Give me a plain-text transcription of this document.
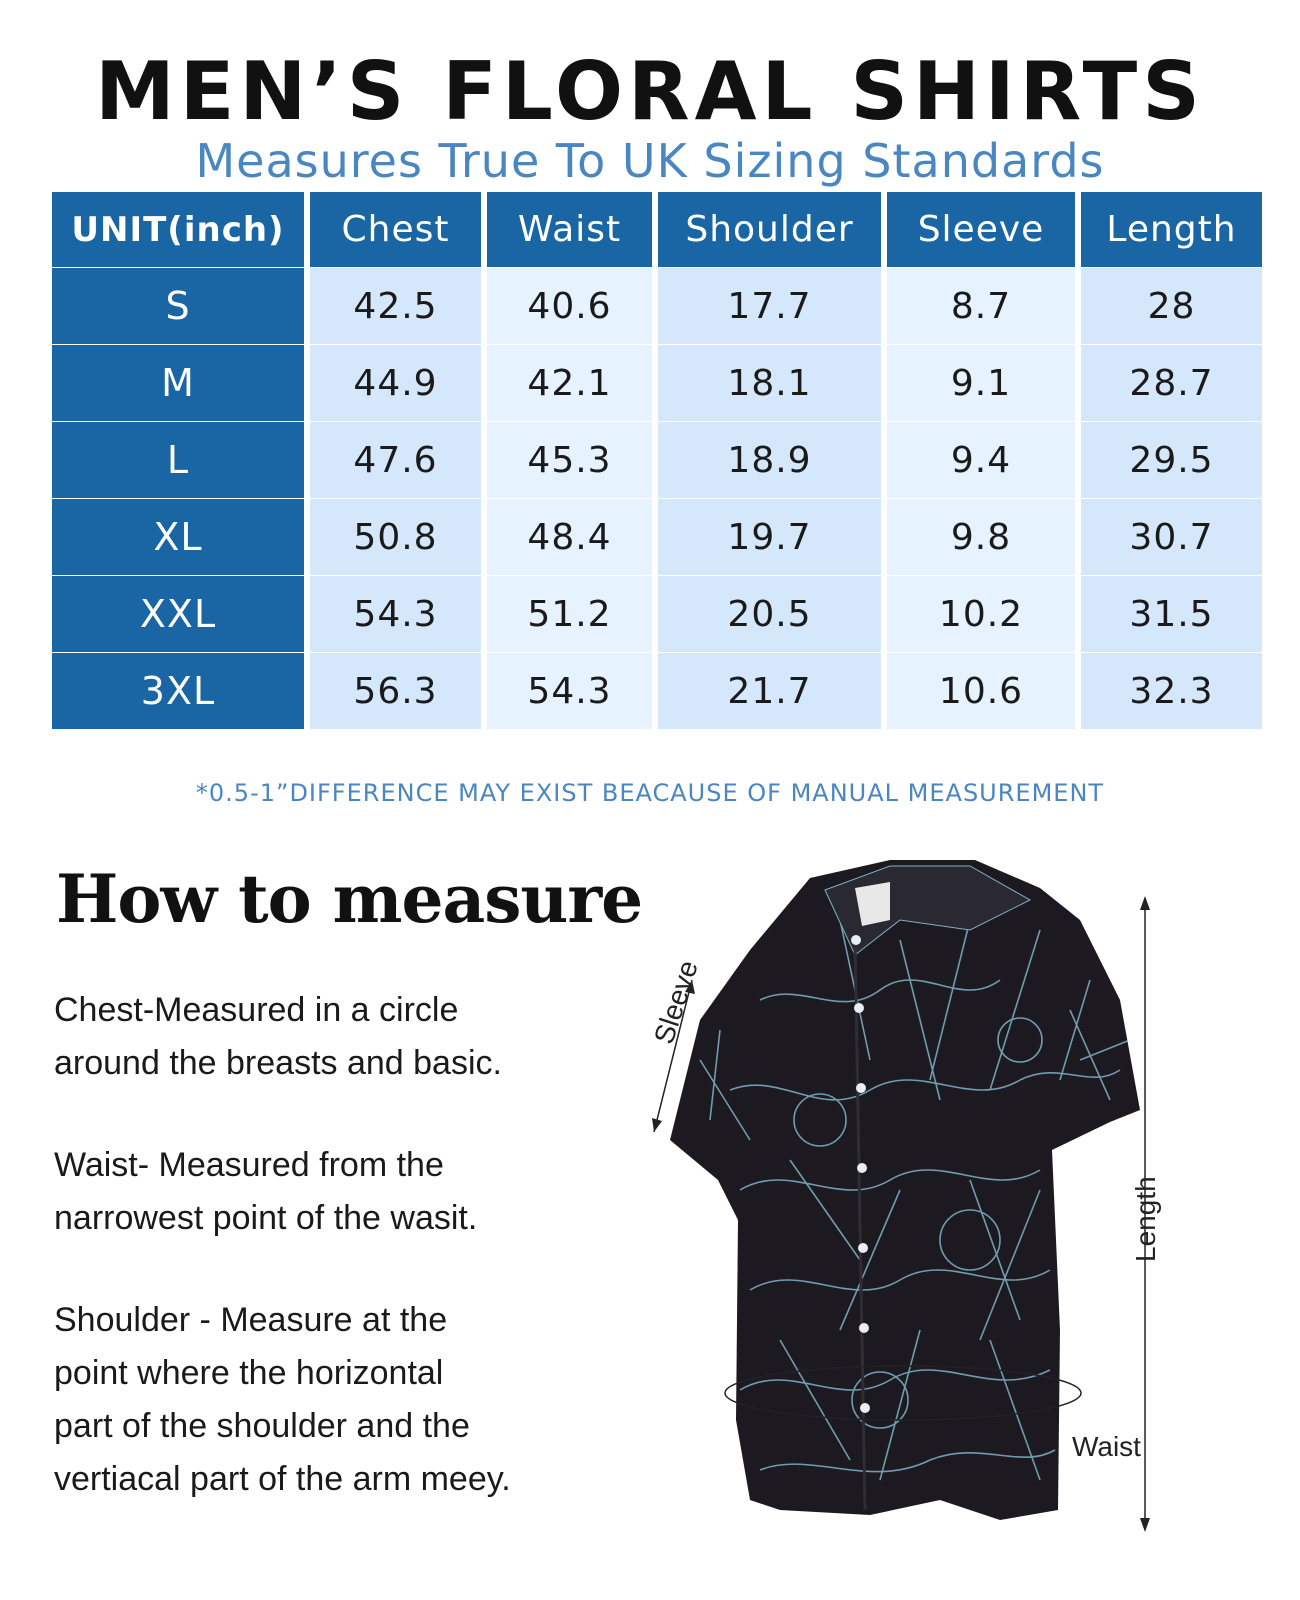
MEN’S FLORAL SHIRTS
Measures True To UK Sizing Standards
UNIT(inch)	Chest	Waist	Shoulder	Sleeve	Length
S	42.5	40.6	17.7	8.7	28
M	44.9	42.1	18.1	9.1	28.7
L	47.6	45.3	18.9	9.4	29.5
XL	50.8	48.4	19.7	9.8	30.7
XXL	54.3	51.2	20.5	10.2	31.5
3XL	56.3	54.3	21.7	10.6	32.3
*0.5-1”DIFFERENCE MAY EXIST BEACAUSE OF MANUAL MEASUREMENT
How to measure
Chest-Measured in a circle
around the breasts and basic.
Waist- Measured from the
narrowest point of the wasit.
Shoulder - Measure at the
point where the horizontal
part of the shoulder and the
vertiacal part of the arm meey.
Sleeve
Length
Waist
